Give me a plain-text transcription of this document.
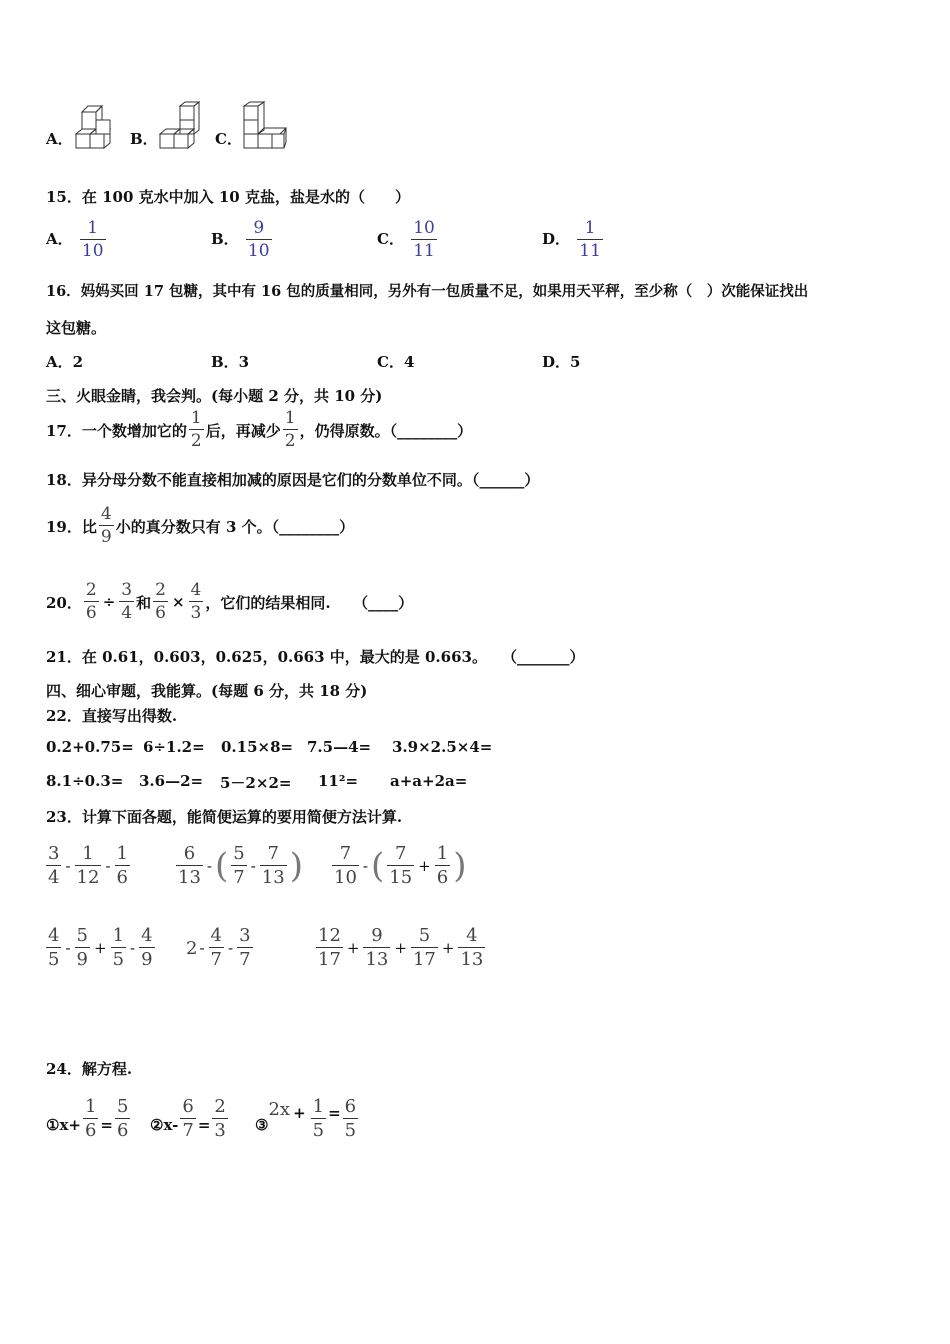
A．	B．	C．
15．在 100 克水中加入 10 克盐，盐是水的（　　）
A． $\frac{1}{10}$	B． $\frac{9}{10}$	C． $\frac{10}{11}$	D． $\frac{1}{11}$
16．妈妈买回 17 包糖，其中有 16 包的质量相同，另外有一包质量不足，如果用天平秤，至少称（　）次能保证找出
这包糖。
A．2	B．3	C．4	D．5
三、火眼金睛，我会判。(每小题 2 分，共 10 分)
17． 一个数增加它的 $\frac{1}{2}$ 后，再减少 $\frac{1}{2}$ ，仍得原数。（________）
18．异分母分数不能直接相加减的原因是它们的分数单位不同。（______）
19． 比 $\frac{4}{9}$ 小的真分数只有 3 个。（________）
20． $\frac{2}{6} \div \frac{3}{4}$ 和 $\frac{2}{6} \times \frac{4}{3}$ ，它们的结果相同.　　（____）
21．在 0.61，0.603，0.625，0.663 中，最大的是 0.663。　　（_______）
四、细心审题，我能算。(每题 6 分，共 18 分)
22．直接写出得数.
0.2+0.75= 6÷1.2= 0.15×8= 7.5—4= 3.9×2.5×4=
8.1÷0.3= 3.6—2= 5－2×2= 11²= a+a+2a=
23．计算下面各题，能简便运算的要用简便方法计算.
$\frac{3}{4} - \frac{1}{12} - \frac{1}{6}$	$\frac{6}{13}$ - ( $\frac{5}{7} - \frac{7}{13}$ ) $\frac{7}{10}$ - ( $\frac{7}{15} + \frac{1}{6}$ )
$\frac{4}{5} - \frac{5}{9} + \frac{1}{5} - \frac{4}{9} 2 - \frac{4}{7} - \frac{3}{7}$	$\frac{12}{17} + \frac{9}{13} + \frac{5}{17} + \frac{4}{13}$
24．解方程.
①x+ $\frac{1}{6} = \frac{5}{6}$ ②x- $\frac{6}{7} = \frac{2}{3}$ ③
$2x + \frac{1}{5} = \frac{6}{5}$
